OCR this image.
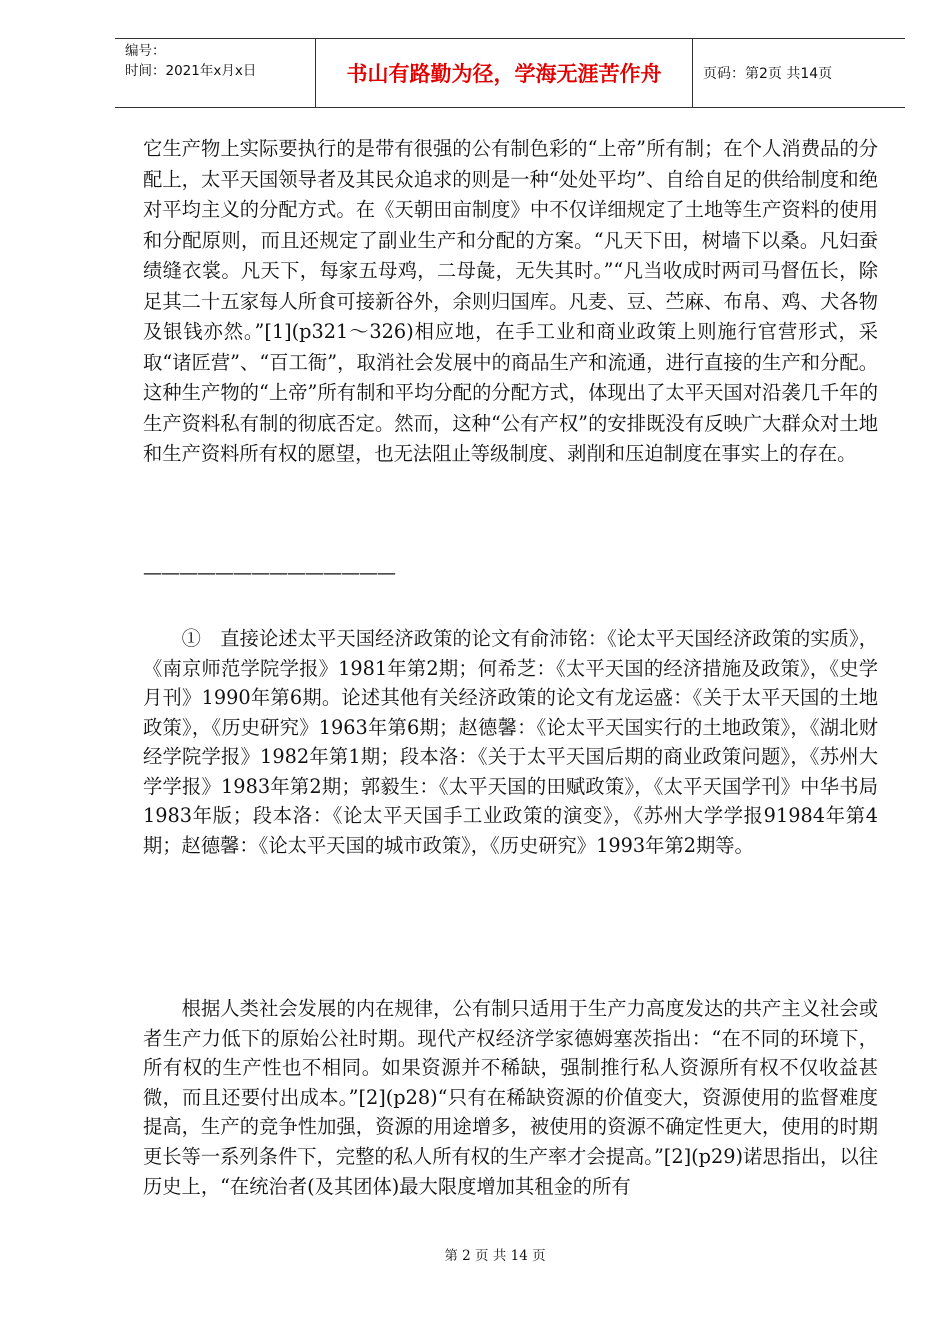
编号：
时间：2021年x月x日	书山有路勤为径，学海无涯苦作舟	页码：第2页 共14页

它生产物上实际要执行的是带有很强的公有制色彩的“上帝”所有制；在个人消费品的分配上，太平天国领导者及其民众追求的则是一种“处处平均”、自给自足的供给制度和绝对平均主义的分配方式。在《天朝田亩制度》中不仅详细规定了土地等生产资料的使用和分配原则，而且还规定了副业生产和分配的方案。“凡天下田，树墙下以桑。凡妇蚕绩缝衣裳。凡天下，每家五母鸡，二母彘，无失其时。”“凡当收成时两司马督伍长，除足其二十五家每人所食可接新谷外，余则归国库。凡麦、豆、苎麻、布帛、鸡、犬各物及银钱亦然。”[1](p321～326)相应地，在手工业和商业政策上则施行官营形式，采取“诸匠营”、“百工衙”，取消社会发展中的商品生产和流通，进行直接的生产和分配。这种生产物的“上帝”所有制和平均分配的分配方式，体现出了太平天国对沿袭几千年的生产资料私有制的彻底否定。然而，这种“公有产权”的安排既没有反映广大群众对土地和生产资料所有权的愿望，也无法阻止等级制度、剥削和压迫制度在事实上的存在。

——————————————

①　直接论述太平天国经济政策的论文有俞沛铭：《论太平天国经济政策的实质》，《南京师范学院学报》1981年第2期；何希芝：《太平天国的经济措施及政策》，《史学月刊》1990年第6期。论述其他有关经济政策的论文有龙运盛：《关于太平天国的土地政策》，《历史研究》1963年第6期；赵德馨：《论太平天国实行的土地政策》，《湖北财经学院学报》1982年第1期；段本洛：《关于太平天国后期的商业政策问题》，《苏州大学学报》1983年第2期；郭毅生：《太平天国的田赋政策》，《太平天国学刊》中华书局1983年版；段本洛：《论太平天国手工业政策的演变》，《苏州大学学报91984年第4期；赵德馨：《论太平天国的城市政策》，《历史研究》1993年第2期等。

根据人类社会发展的内在规律，公有制只适用于生产力高度发达的共产主义社会或者生产力低下的原始公社时期。现代产权经济学家德姆塞茨指出：“在不同的环境下，所有权的生产性也不相同。如果资源并不稀缺，强制推行私人资源所有权不仅收益甚微，而且还要付出成本。”[2](p28)“只有在稀缺资源的价值变大，资源使用的监督难度提高，生产的竞争性加强，资源的用途增多，被使用的资源不确定性更大，使用的时期更长等一系列条件下，完整的私人所有权的生产率才会提高。”[2](p29)诺思指出，以往历史上，“在统治者(及其团体)最大限度增加其租金的所有

第 2 页 共 14 页
